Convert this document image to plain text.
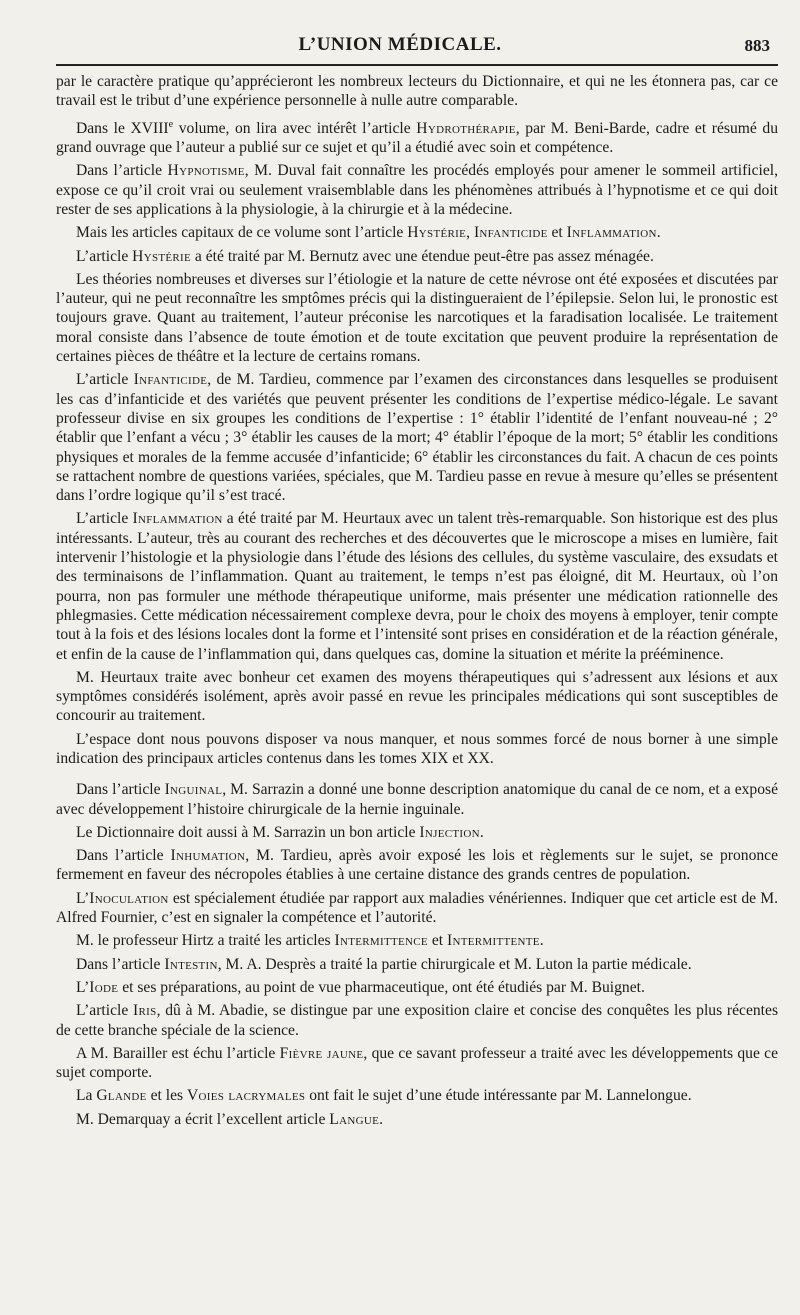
L’UNION MÉDICALE.	883

par le caractère pratique qu’apprécieront les nombreux lecteurs du Dictionnaire, et qui ne les étonnera pas, car ce travail est le tribut d’une expérience personnelle à nulle autre comparable.

Dans le XVIIIe volume, on lira avec intérêt l’article Hydrothérapie, par M. Beni-Barde, cadre et résumé du grand ouvrage que l’auteur a publié sur ce sujet et qu’il a étudié avec soin et compétence.

Dans l’article Hypnotisme, M. Duval fait connaître les procédés employés pour amener le sommeil artificiel, expose ce qu’il croit vrai ou seulement vraisemblable dans les phénomènes attribués à l’hypnotisme et ce qui doit rester de ses applications à la physiologie, à la chirurgie et à la médecine.

Mais les articles capitaux de ce volume sont l’article Hystérie, Infanticide et Inflammation.

L’article Hystérie a été traité par M. Bernutz avec une étendue peut-être pas assez ménagée.

Les théories nombreuses et diverses sur l’étiologie et la nature de cette névrose ont été exposées et discutées par l’auteur, qui ne peut reconnaître les smptômes précis qui la distingueraient de l’épilepsie. Selon lui, le pronostic est toujours grave. Quant au traitement, l’auteur préconise les narcotiques et la faradisation localisée. Le traitement moral consiste dans l’absence de toute émotion et de toute excitation que peuvent produire la représentation de certaines pièces de théâtre et la lecture de certains romans.

L’article Infanticide, de M. Tardieu, commence par l’examen des circonstances dans lesquelles se produisent les cas d’infanticide et des variétés que peuvent présenter les conditions de l’expertise médico-légale. Le savant professeur divise en six groupes les conditions de l’expertise : 1° établir l’identité de l’enfant nouveau-né ; 2° établir que l’enfant a vécu ; 3° établir les causes de la mort; 4° établir l’époque de la mort; 5° établir les conditions physiques et morales de la femme accusée d’infanticide; 6° établir les circonstances du fait. A chacun de ces points se rattachent nombre de questions variées, spéciales, que M. Tardieu passe en revue à mesure qu’elles se présentent dans l’ordre logique qu’il s’est tracé.

L’article Inflammation a été traité par M. Heurtaux avec un talent très-remarquable. Son historique est des plus intéressants. L’auteur, très au courant des recherches et des découvertes que le microscope a mises en lumière, fait intervenir l’histologie et la physiologie dans l’étude des lésions des cellules, du système vasculaire, des exsudats et des terminaisons de l’inflammation. Quant au traitement, le temps n’est pas éloigné, dit M. Heurtaux, où l’on pourra, non pas formuler une méthode thérapeutique uniforme, mais présenter une médication rationnelle des phlegmasies. Cette médication nécessairement complexe devra, pour le choix des moyens à employer, tenir compte tout à la fois et des lésions locales dont la forme et l’intensité sont prises en considération et de la réaction générale, et enfin de la cause de l’inflammation qui, dans quelques cas, domine la situation et mérite la prééminence.

M. Heurtaux traite avec bonheur cet examen des moyens thérapeutiques qui s’adressent aux lésions et aux symptômes considérés isolément, après avoir passé en revue les principales médications qui sont susceptibles de concourir au traitement.

L’espace dont nous pouvons disposer va nous manquer, et nous sommes forcé de nous borner à une simple indication des principaux articles contenus dans les tomes XIX et XX.

Dans l’article Inguinal, M. Sarrazin a donné une bonne description anatomique du canal de ce nom, et a exposé avec développement l’histoire chirurgicale de la hernie inguinale.

Le Dictionnaire doit aussi à M. Sarrazin un bon article Injection.

Dans l’article Inhumation, M. Tardieu, après avoir exposé les lois et règlements sur le sujet, se prononce fermement en faveur des nécropoles établies à une certaine distance des grands centres de population.

L’Inoculation est spécialement étudiée par rapport aux maladies vénériennes. Indiquer que cet article est de M. Alfred Fournier, c’est en signaler la compétence et l’autorité.

M. le professeur Hirtz a traité les articles Intermittence et Intermittente.

Dans l’article Intestin, M. A. Desprès a traité la partie chirurgicale et M. Luton la partie médicale.

L’Iode et ses préparations, au point de vue pharmaceutique, ont été étudiés par M. Buignet.

L’article Iris, dû à M. Abadie, se distingue par une exposition claire et concise des conquêtes les plus récentes de cette branche spéciale de la science.

A M. Barailler est échu l’article Fièvre jaune, que ce savant professeur a traité avec les développements que ce sujet comporte.

La Glande et les Voies lacrymales ont fait le sujet d’une étude intéressante par M. Lannelongue.

M. Demarquay a écrit l’excellent article Langue.
